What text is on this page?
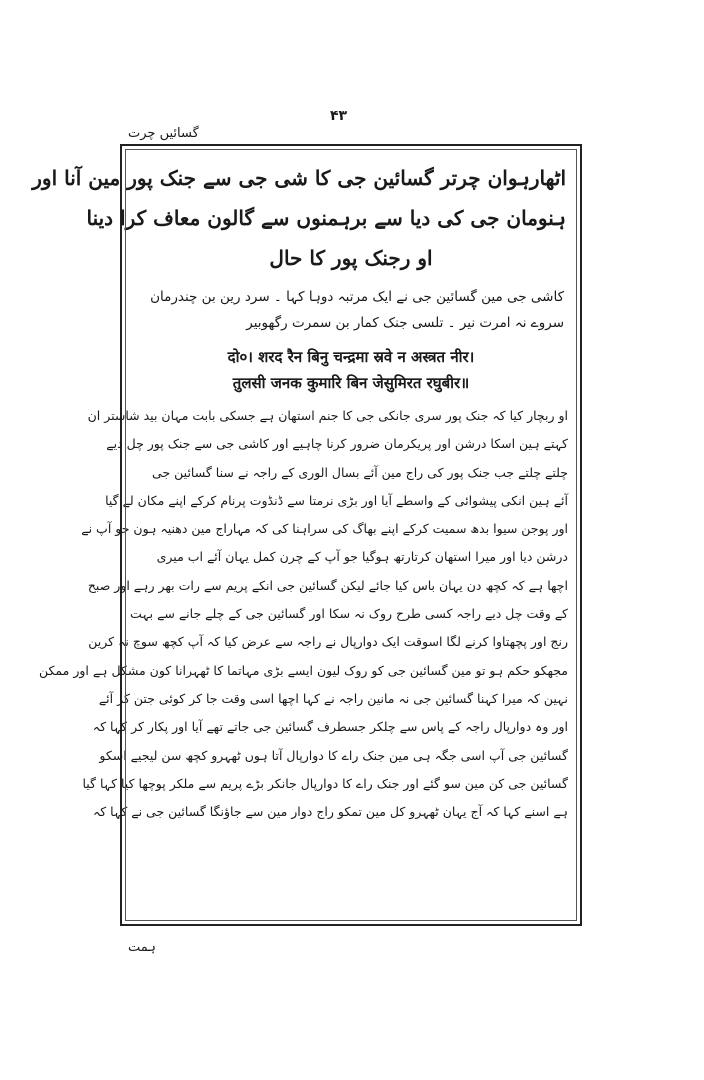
۴۳
گسائیں چرت
اٹھارہوان چرتر گسائین جی کا شی جی سے جنک پور مین آنا اور
ہنومان جی کی دیا سے برہمنوں سے گالون معاف کرا دینا
او رجنک پور کا حال
کاشی جی مین گسائین جی نے ایک مرتبہ دوہا کہا ۔ سرد رین بن چندرمان
سروے نہ امرت نیر ۔ تلسی جنک کمار بن سمرت رگھوبیر
दो०। शरद रैन बिनु चन्द्रमा स्रवे न अस्त्रत नीर।
तुलसी जनक कुमारि बिन जेसुमिरत रघुबीर॥
او ربچار کیا کہ جنک پور سری جانکی جی کا جنم استھان ہے جسکی بابت مہان بید شاستر ان
کہتے ہین اسکا درشن اور پریکرمان ضرور کرنا چاہیے اور کاشی جی سے جنک پور چل دیے
چلتے چلتے جب جنک پور کی راج مین آئے بسال الوری کے راجہ نے سنا گسائین جی
آئے ہین انکی پیشوائی کے واسطے آیا اور بڑی نرمتا سے ڈنڈوت پرنام کرکے اپنے مکان لے گیا
اور پوجن سیوا بدھ سمیت کرکے اپنے بھاگ کی سراہنا کی کہ مہاراج مین دھنیہ ہون جو آپ نے
درشن دیا اور میرا استھان کرتارتھ ہوگیا جو آپ کے چرن کمل یہان آئے اب میری
اچھا ہے کہ کچھ دن یہان باس کیا جائے لیکن گسائین جی انکے پریم سے رات بھر رہے اور صبح
کے وقت چل دیے راجہ کسی طرح روک نہ سکا اور گسائین جی کے چلے جانے سے بہت
رنج اور پچھتاوا کرنے لگا اسوقت ایک دوارپال نے راجہ سے عرض کیا کہ آپ کچھ سوچ نہ کرین
مجھکو حکم ہو تو مین گسائین جی کو روک لیون ایسے بڑی مہاتما کا ٹھہرانا کون مشکل ہے اور ممکن
نہین کہ میرا کہنا گسائین جی نہ مانین راجہ نے کہا اچھا اسی وقت جا کر کوئی جتن کر آئے
اور وہ دوارپال راجہ کے پاس سے چلکر جسطرف گسائین جی جاتے تھے آیا اور پکار کر کہا کہ
گسائین جی آپ اسی جگہ ہی مین جنک راے کا دوارپال آتا ہوں ٹھہرو کچھ سن لیجیے اسکو
گسائین جی کن مین سو گئے اور جنک راے کا دوارپال جانکر بڑے پریم سے ملکر پوچھا کیا کہا گیا
ہے اسنے کہا کہ آج یہان ٹھہرو کل مین تمکو راج دوار مین سے جاؤنگا گسائین جی نے کہا کہ
ہمت
